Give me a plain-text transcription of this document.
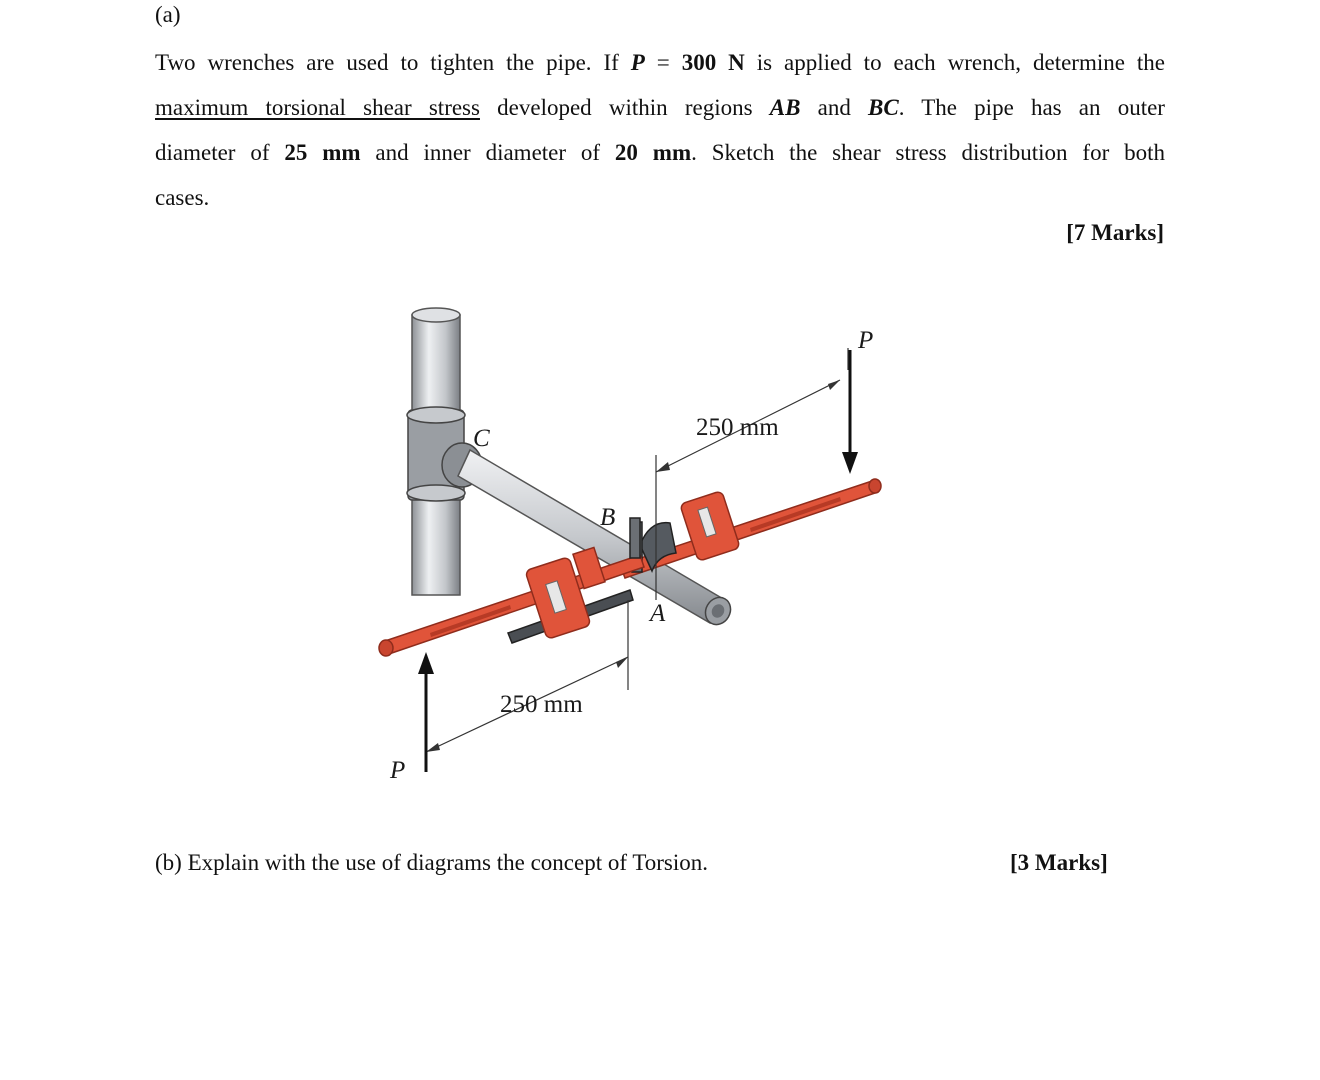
(a)
Two wrenches are used to tighten the pipe. If P = 300 N is applied to each wrench, determine the
maximum torsional shear stress developed within regions AB and BC. The pipe has an outer
diameter of 25 mm and inner diameter of 20 mm. Sketch the shear stress distribution for both
cases.
[7 Marks]
C
B
A
P
P
250 mm
250 mm
(b) Explain with the use of diagrams the concept of Torsion.	[3 Marks]
